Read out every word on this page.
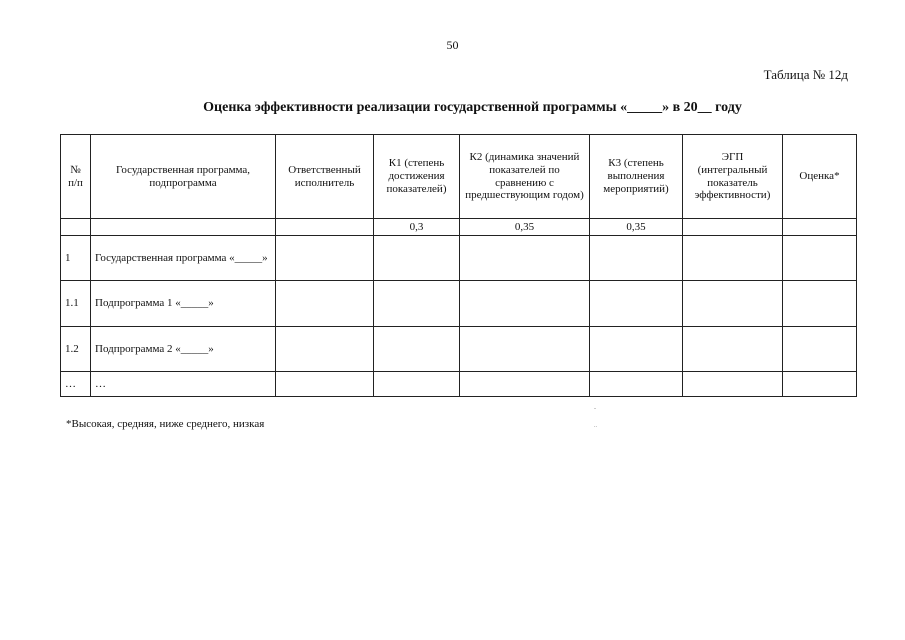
50
Таблица № 12д
Оценка эффективности реализации государственной программы «_____» в 20__ году
№ п/п	Государственная программа, подпрограмма	Ответственный исполнитель	К1 (степень достижения показателей)	К2 (динамика значений показателей по сравнению с предшествующим годом)	К3 (степень выполнения мероприятий)	ЭГП (интегральный показатель эффективности)	Оценка*
			0,3	0,35	0,35		
1	Государственная программа «_____»						
1.1	Подпрограмма 1 «_____»						
1.2	Подпрограмма 2 «_____»						
…	…						
*Высокая, средняя, ниже среднего, низкая
-
..
